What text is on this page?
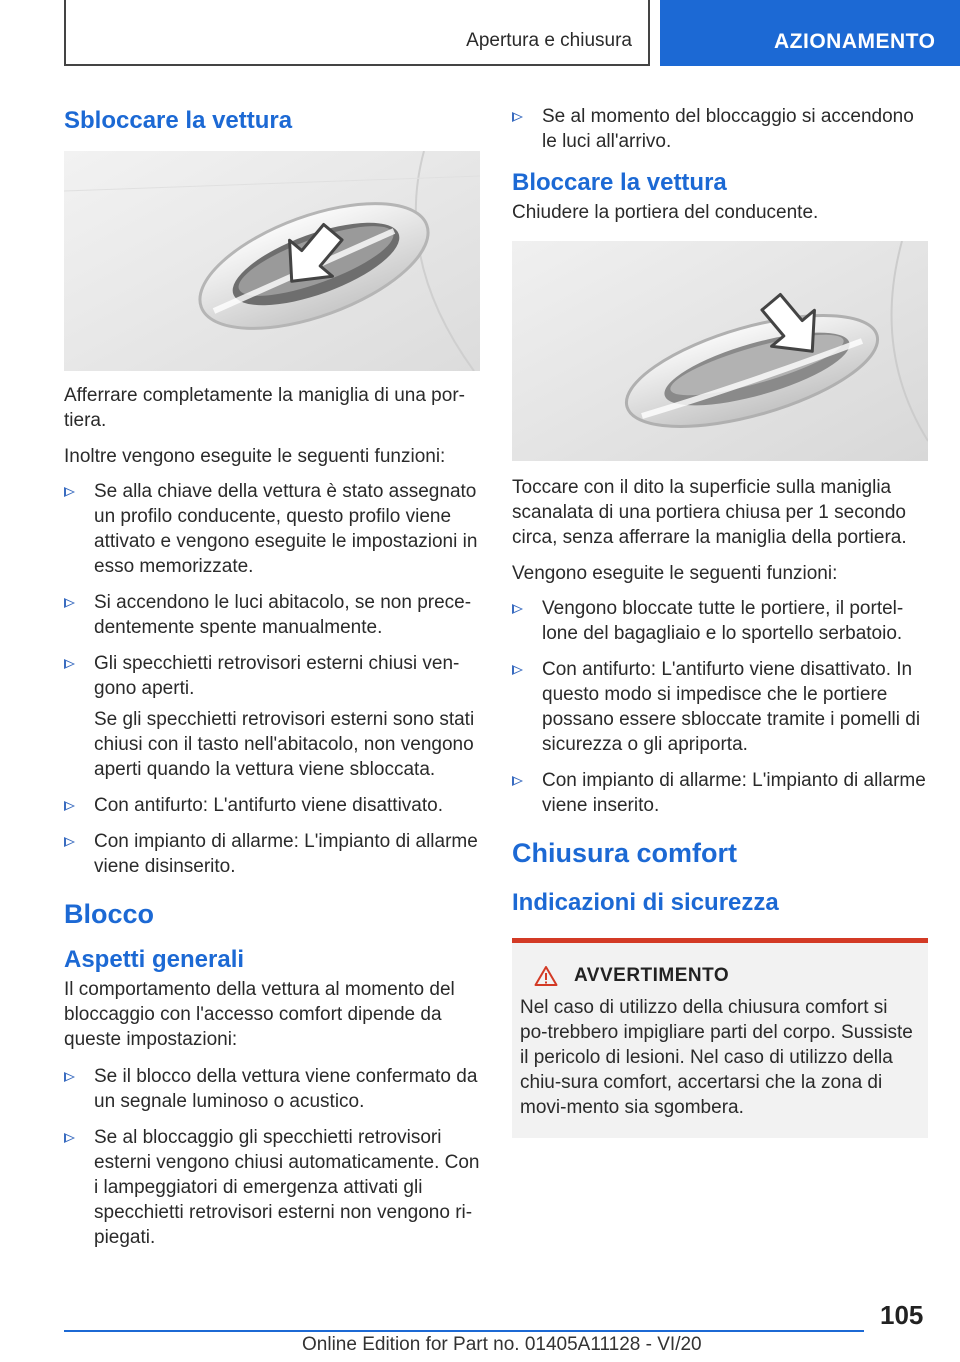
Apertura e chiusura	AZIONAMENTO
Sbloccare la vettura

Afferrare completamente la maniglia di una por-tiera.

Inoltre vengono eseguite le seguenti funzioni:

Se alla chiave della vettura è stato assegnato un profilo conducente, questo profilo viene attivato e vengono eseguite le impostazioni in esso memorizzate.
Si accendono le luci abitacolo, se non prece-dentemente spente manualmente.
Gli specchietti retrovisori esterni chiusi ven-gono aperti.
Se gli specchietti retrovisori esterni sono stati chiusi con il tasto nell'abitacolo, non vengono aperti quando la vettura viene sbloccata.
Con antifurto: L'antifurto viene disattivato.
Con impianto di allarme: L'impianto di allarme viene disinserito.
Blocco
Aspetti generali

Il comportamento della vettura al momento del bloccaggio con l'accesso comfort dipende da queste impostazioni:

Se il blocco della vettura viene confermato da un segnale luminoso o acustico.
Se al bloccaggio gli specchietti retrovisori esterni vengono chiusi automaticamente. Con i lampeggiatori di emergenza attivati gli specchietti retrovisori esterni non vengono ri-piegati.
Se al momento del bloccaggio si accendono le luci all'arrivo.
Bloccare la vettura

Chiudere la portiera del conducente.

Toccare con il dito la superficie sulla maniglia scanalata di una portiera chiusa per 1 secondo circa, senza afferrare la maniglia della portiera.

Vengono eseguite le seguenti funzioni:

Vengono bloccate tutte le portiere, il portel-lone del bagagliaio e lo sportello serbatoio.
Con antifurto: L'antifurto viene disattivato. In questo modo si impedisce che le portiere possano essere sbloccate tramite i pomelli di sicurezza o gli apriporta.
Con impianto di allarme: L'impianto di allarme viene inserito.
Chiusura comfort
Indicazioni di sicurezza
AVVERTIMENTO

Nel caso di utilizzo della chiusura comfort si po-trebbero impigliare parti del corpo. Sussiste il pericolo di lesioni. Nel caso di utilizzo della chiu-sura comfort, accertarsi che la zona di movi-mento sia sgombera.

105
Online Edition for Part no. 01405A11128 - VI/20
